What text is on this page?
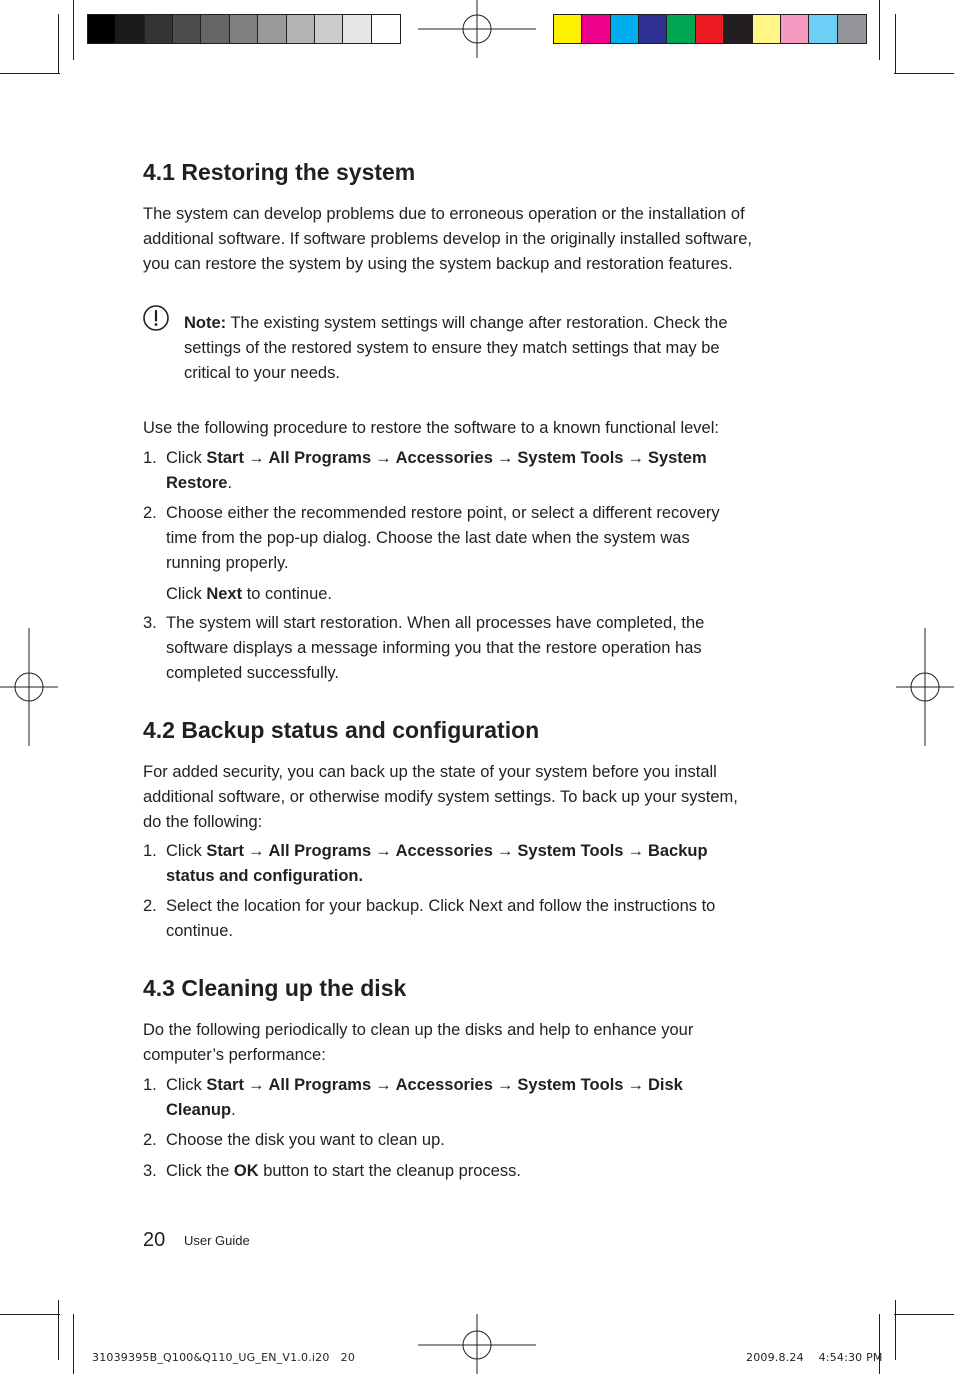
4.1 Restoring the system

The system can develop problems due to erroneous operation or the installation of
additional software. If software problems develop in the originally installed software,
you can restore the system by using the system backup and restoration features.

Note: The existing system settings will change after restoration. Check the
settings of the restored system to ensure they match settings that may be
critical to your needs.

Use the following procedure to restore the software to a known functional level:

1. Click Start → All Programs → Accessories → System Tools → System
Restore.
2. Choose either the recommended restore point, or select a different recovery
time from the pop-up dialog. Choose the last date when the system was
running properly.
Click Next to continue.
3. The system will start restoration. When all processes have completed, the
software displays a message informing you that the restore operation has
completed successfully.
4.2 Backup status and configuration

For added security, you can back up the state of your system before you install
additional software, or otherwise modify system settings. To back up your system,
do the following:

1. Click Start → All Programs → Accessories → System Tools → Backup
status and configuration.
2. Select the location for your backup. Click Next and follow the instructions to
continue.
4.3 Cleaning up the disk

Do the following periodically to clean up the disks and help to enhance your
computer’s performance:

1. Click Start → All Programs → Accessories → System Tools → Disk
Cleanup.
2. Choose the disk you want to clean up.
3. Click the OK button to start the cleanup process.
20 User Guide
31039395B_Q100&Q110_UG_EN_V1.0.i20   20	2009.8.24    4:54:30 PM
